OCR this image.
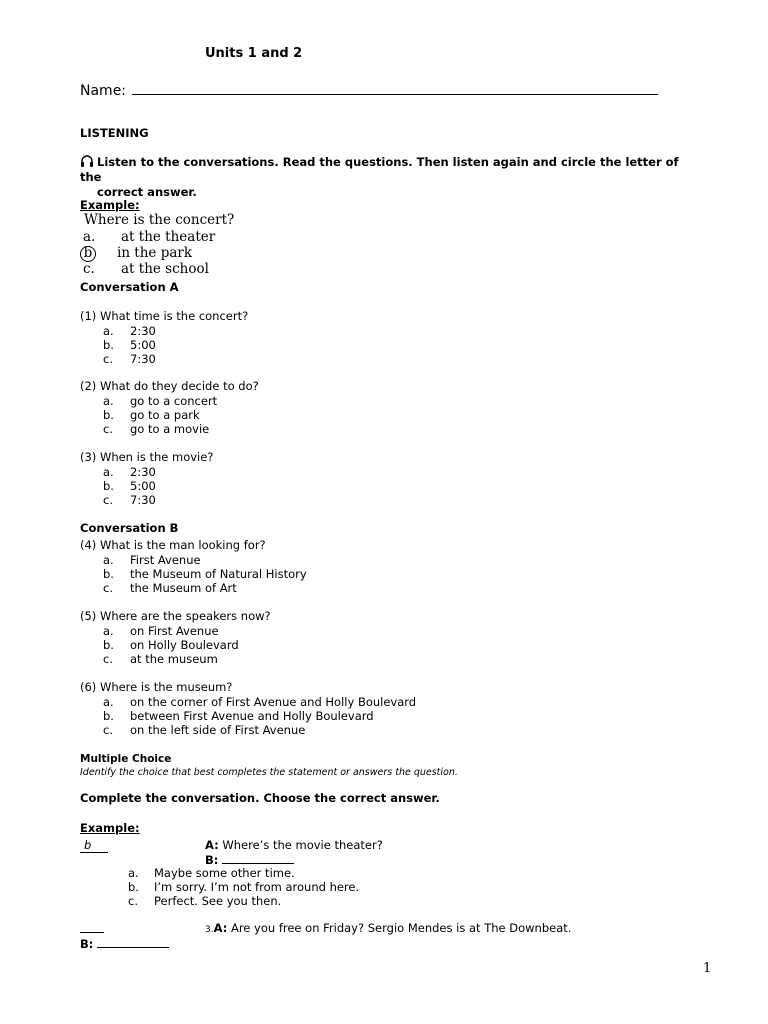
Units 1 and 2
Name:
LISTENING
Listen to the conversations. Read the questions. Then listen again and circle the letter of the
correct answer.
Example:
Where is the concert?
a. at the theater
b in the park
c. at the school
Conversation A
(1) What time is the concert?
a. 2:30
b. 5:00
c. 7:30
(2) What do they decide to do?
a. go to a concert
b. go to a park
c. go to a movie
(3) When is the movie?
a. 2:30
b. 5:00
c. 7:30
Conversation B
(4) What is the man looking for?
a. First Avenue
b. the Museum of Natural History
c. the Museum of Art
(5) Where are the speakers now?
a. on First Avenue
b. on Holly Boulevard
c. at the museum
(6) Where is the museum?
a. on the corner of First Avenue and Holly Boulevard
b. between First Avenue and Holly Boulevard
c. on the left side of First Avenue
Multiple Choice
Identify the choice that best completes the statement or answers the question.
Complete the conversation. Choose the correct answer.
Example:
b	A: Where’s the movie theater?
B:
a. Maybe some other time.
b. I’m sorry. I’m not from around here.
c. Perfect. See you then.
3.A: Are you free on Friday? Sergio Mendes is at The Downbeat.
B:
1
